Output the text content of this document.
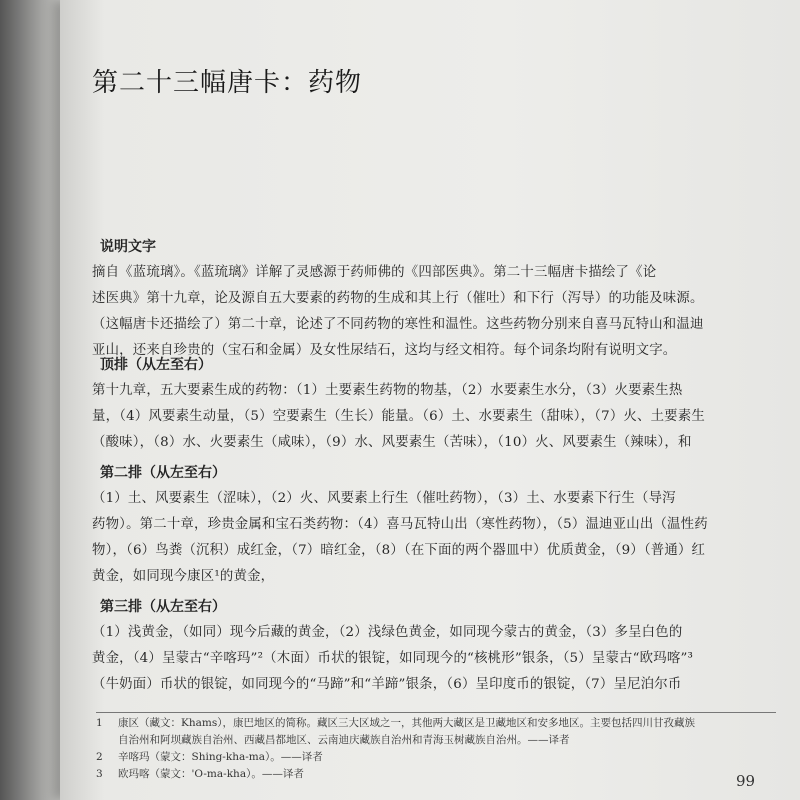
第二十三幅唐卡：药物
说明文字

摘自《蓝琉璃》。《蓝琉璃》详解了灵感源于药师佛的《四部医典》。第二十三幅唐卡描绘了《论
述医典》第十九章，论及源自五大要素的药物的生成和其上行（催吐）和下行（泻导）的功能及味源。
（这幅唐卡还描绘了）第二十章，论述了不同药物的寒性和温性。这些药物分别来自喜马瓦特山和温迪
亚山，还来自珍贵的（宝石和金属）及女性尿结石，这均与经文相符。每个词条均附有说明文字。

顶排（从左至右）

第十九章，五大要素生成的药物：（1）土要素生药物的物基，（2）水要素生水分，（3）火要素生热
量，（4）风要素生动量，（5）空要素生（生长）能量。（6）土、水要素生（甜味），（7）火、土要素生
（酸味），（8）水、火要素生（咸味），（9）水、风要素生（苦味），（10）火、风要素生（辣味），和

第二排（从左至右）

（1）土、风要素生（涩味），（2）火、风要素上行生（催吐药物），（3）土、水要素下行生（导泻
药物）。第二十章，珍贵金属和宝石类药物：（4）喜马瓦特山出（寒性药物），（5）温迪亚山出（温性药
物），（6）鸟粪（沉积）成红金，（7）暗红金，（8）（在下面的两个器皿中）优质黄金，（9）（普通）红
黄金，如同现今康区¹的黄金，

第三排（从左至右）

（1）浅黄金，（如同）现今后藏的黄金，（2）浅绿色黄金，如同现今蒙古的黄金，（3）多呈白色的
黄金，（4）呈蒙古“辛喀玛”²（木面）币状的银锭，如同现今的“核桃形”银条，（5）呈蒙古“欧玛喀”³
（牛奶面）币状的银锭，如同现今的“马蹄”和“羊蹄”银条，（6）呈印度币的银锭，（7）呈尼泊尔币

1 康区（藏文：Khams），康巴地区的简称。藏区三大区域之一，其他两大藏区是卫藏地区和安多地区。主要包括四川甘孜藏族
自治州和阿坝藏族自治州、西藏昌都地区、云南迪庆藏族自治州和青海玉树藏族自治州。——译者
2 辛喀玛（蒙文：Shing-kha-ma）。——译者
3 欧玛喀（蒙文：'O-ma-kha）。——译者	99
